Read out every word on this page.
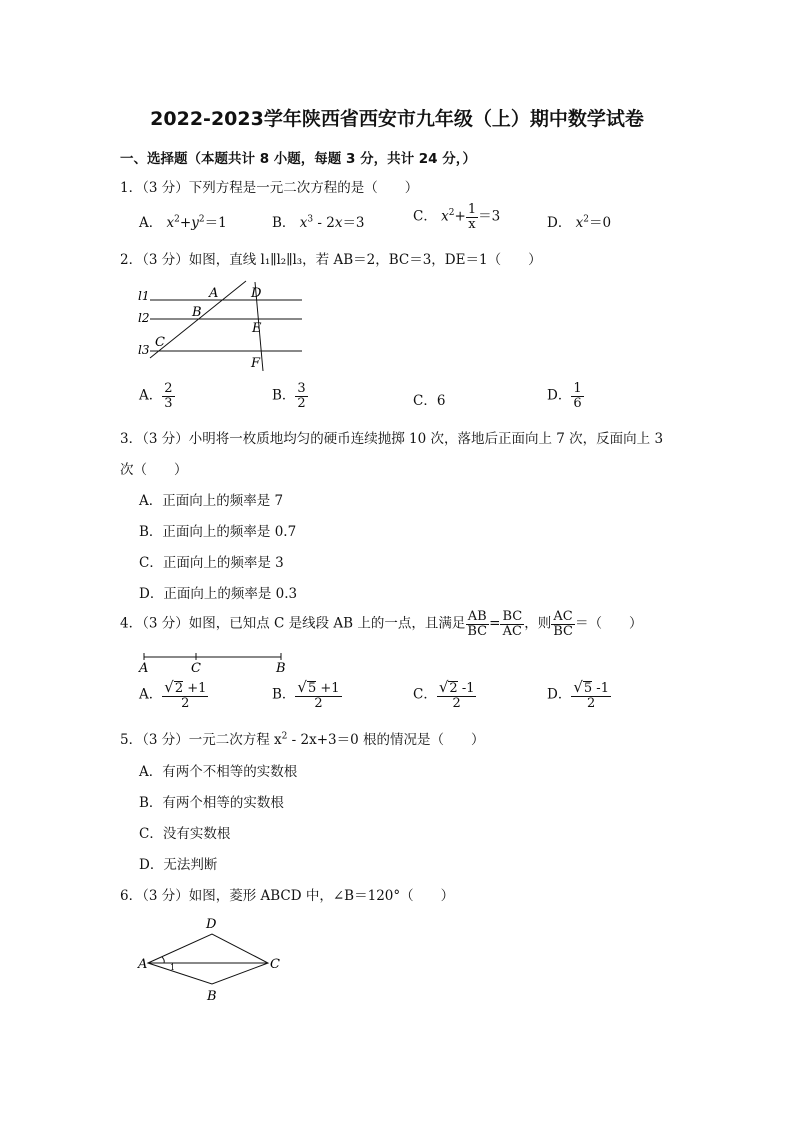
2022-2023学年陕西省西安市九年级（上）期中数学试卷
一、选择题（本题共计 8 小题，每题 3 分，共计 24 分，）
1．（3 分）下列方程是一元二次方程的是（　　）
A． $x^2+y^2=1$	B． $x^3 - 2x=3$	C． $x^2+ \frac{1}{x} =3$	D． $x^2=0$
2．（3 分）如图，直线 l₁∥l₂∥l₃，若 AB＝2，BC＝3，DE＝1（　　）
l1
l2
l3
A
B
C
D
E
F
A． $\frac{2}{3}$	B． $\frac{3}{2}$	C．6	D． $\frac{1}{6}$
3．（3 分）小明将一枚质地均匀的硬币连续抛掷 10 次，落地后正面向上 7 次，反面向上 3
次（　　）
A．正面向上的频率是 7
B．正面向上的频率是 0.7
C．正面向上的频率是 3
D．正面向上的频率是 0.3
4．（3 分）如图，已知点 C 是线段 AB 上的一点，且满足 $\frac{AB}{BC} = \frac{BC}{AC}$ ，则 $\frac{AC}{BC}$ ＝（　　）
A	C	B
A． $\frac{√ 2 +1}{2}$	B． $\frac{√ 5 +1}{2}$	C． $\frac{√ 2 -1}{2}$	D． $\frac{√ 5 -1}{2}$
5．（3 分）一元二次方程 $x^2 - 2x+3=0$ 根的情况是（　　）
A．有两个不相等的实数根
B．有两个相等的实数根
C．没有实数根
D．无法判断
6．（3 分）如图，菱形 ABCD 中，∠B＝120°（　　）
A
D
C
B
1
